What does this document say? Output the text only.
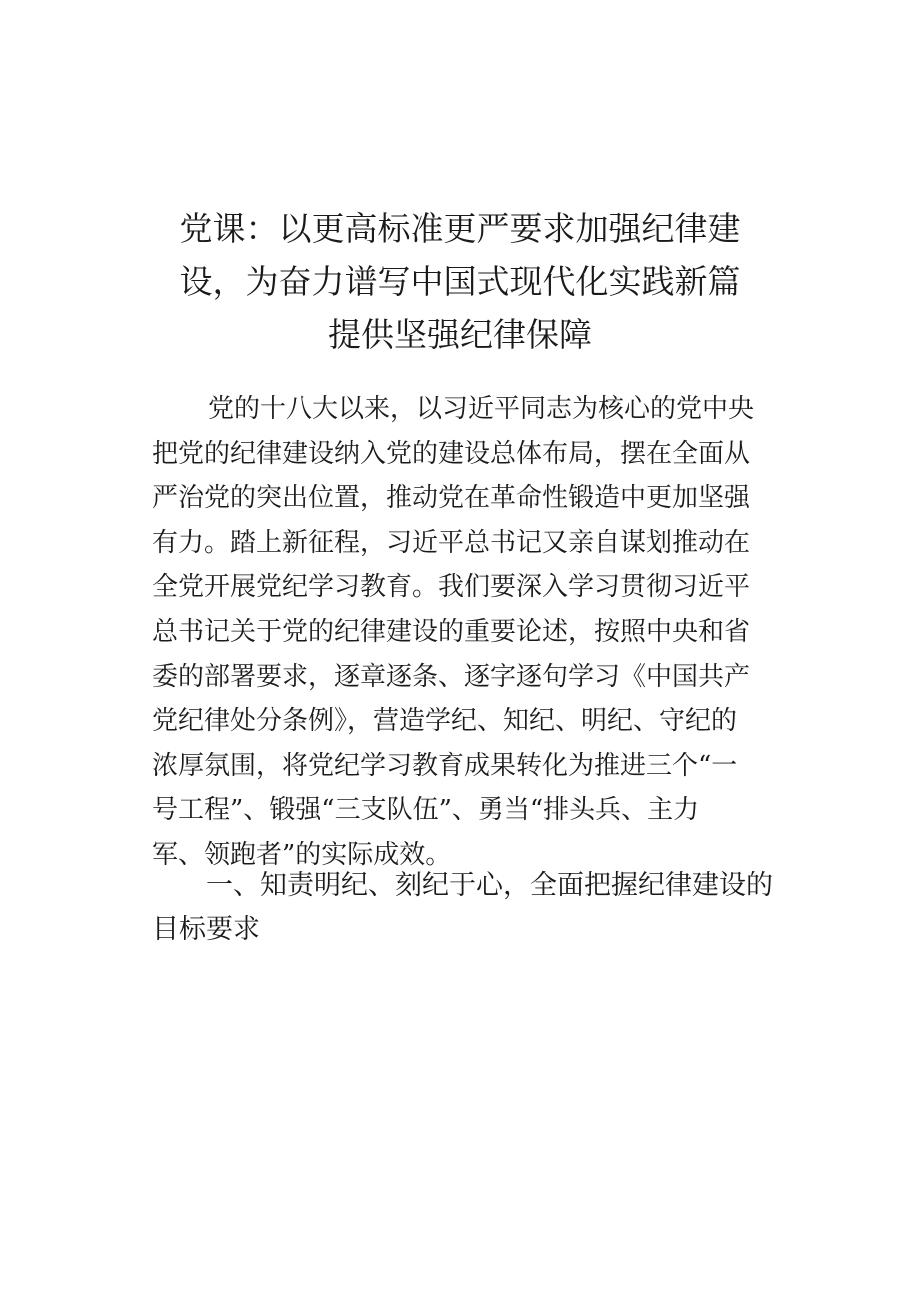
党课：以更高标准更严要求加强纪律建
设，为奋力谱写中国式现代化实践新篇
提供坚强纪律保障

党的十八大以来，以习近平同志为核心的党中央
把党的纪律建设纳入党的建设总体布局，摆在全面从
严治党的突出位置，推动党在革命性锻造中更加坚强
有力。踏上新征程，习近平总书记又亲自谋划推动在
全党开展党纪学习教育。我们要深入学习贯彻习近平
总书记关于党的纪律建设的重要论述，按照中央和省
委的部署要求，逐章逐条、逐字逐句学习《中国共产
党纪律处分条例》，营造学纪、知纪、明纪、守纪的
浓厚氛围，将党纪学习教育成果转化为推进三个“一
号工程”、锻强“三支队伍”、勇当“排头兵、主力
军、领跑者”的实际成效。

一、知责明纪、刻纪于心，全面把握纪律建设的
目标要求
